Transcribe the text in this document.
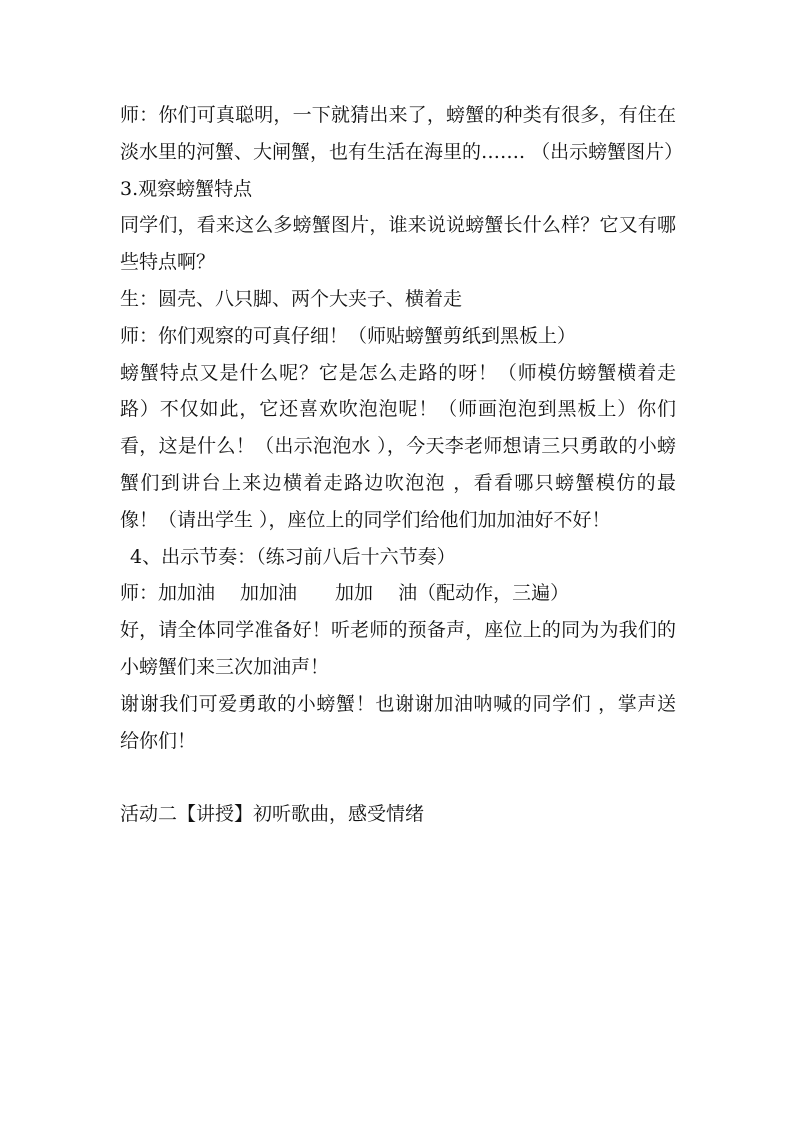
师：你们可真聪明，一下就猜出来了，螃蟹的种类有很多，有住在淡水里的河蟹、大闸蟹，也有生活在海里的……. （出示螃蟹图片）

3.观察螃蟹特点

同学们，看来这么多螃蟹图片，谁来说说螃蟹长什么样？它又有哪些特点啊？

生：圆壳、八只脚、两个大夹子、横着走

师：你们观察的可真仔细！（师贴螃蟹剪纸到黑板上）

螃蟹特点又是什么呢？它是怎么走路的呀！（师模仿螃蟹横着走路）不仅如此，它还喜欢吹泡泡呢！（师画泡泡到黑板上）你们看，这是什么！（出示泡泡水 ），今天李老师想请三只勇敢的小螃蟹们到讲台上来边横着走路边吹泡泡 ，看看哪只螃蟹模仿的最像！（请出学生 ），座位上的同学们给他们加加油好不好！

4、出示节奏：（练习前八后十六节奏）

师：加加油　 加加油　　加加　 油（配动作，三遍）

好，请全体同学准备好！听老师的预备声，座位上的同为为我们的小螃蟹们来三次加油声！

谢谢我们可爱勇敢的小螃蟹！也谢谢加油呐喊的同学们 ，掌声送给你们！

活动二【讲授】初听歌曲，感受情绪
